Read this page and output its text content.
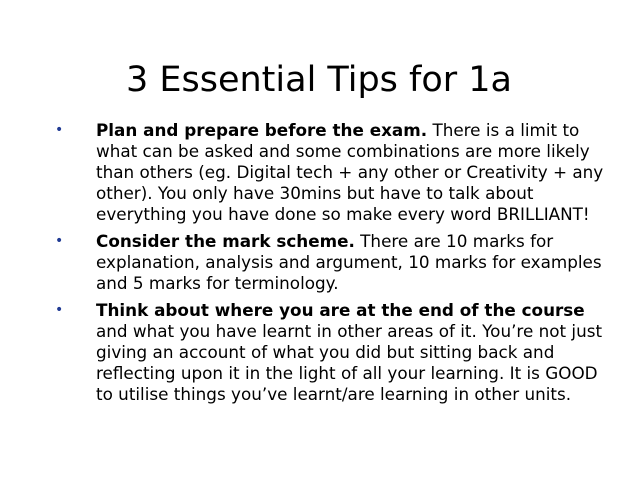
3 Essential Tips for 1a
• Plan and prepare before the exam. There is a limit to what can be asked and some combinations are more likely than others (eg. Digital tech + any other or Creativity + any other). You only have 30mins but have to talk about everything you have done so make every word BRILLIANT!
• Consider the mark scheme. There are 10 marks for explanation, analysis and argument, 10 marks for examples and 5 marks for terminology.
• Think about where you are at the end of the course and what you have learnt in other areas of it. You’re not just giving an account of what you did but sitting back and reflecting upon it in the light of all your learning. It is GOOD to utilise things you’ve learnt/are learning in other units.
